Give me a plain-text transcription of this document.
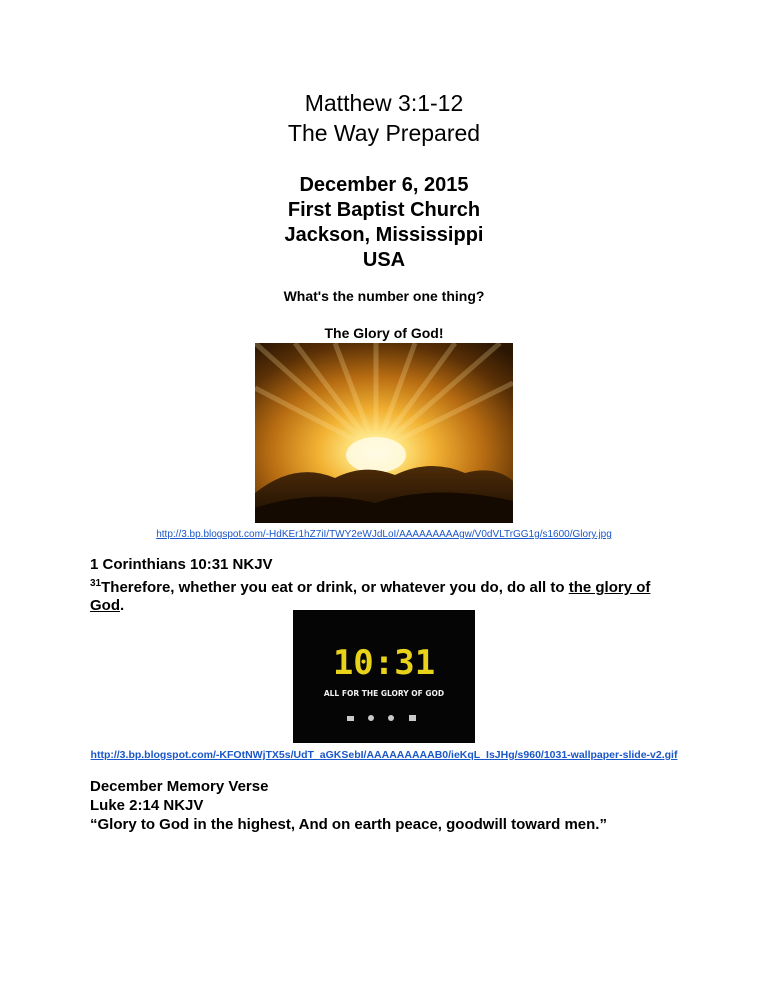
Matthew 3:1-12
The Way Prepared
December 6, 2015
First Baptist Church
Jackson, Mississippi
USA
What's the number one thing?
The Glory of God!
http://3.bp.blogspot.com/-HdKEr1hZ7iI/TWY2eWJdLoI/AAAAAAAAAgw/V0dVLTrGG1g/s1600/Glory.jpg
1 Corinthians 10:31 NKJV
$^{31}$Therefore, whether you eat or drink, or whatever you do, do all to the glory of God.
10:31
ALL FOR THE GLORY OF GOD
http://3.bp.blogspot.com/-KFOtNWjTX5s/UdT_aGKSebI/AAAAAAAAAB0/ieKqL_IsJHg/s960/1031-wallpaper-slide-v2.gif
December Memory Verse
Luke 2:14 NKJV
“Glory to God in the highest, And on earth peace, goodwill toward men.”
